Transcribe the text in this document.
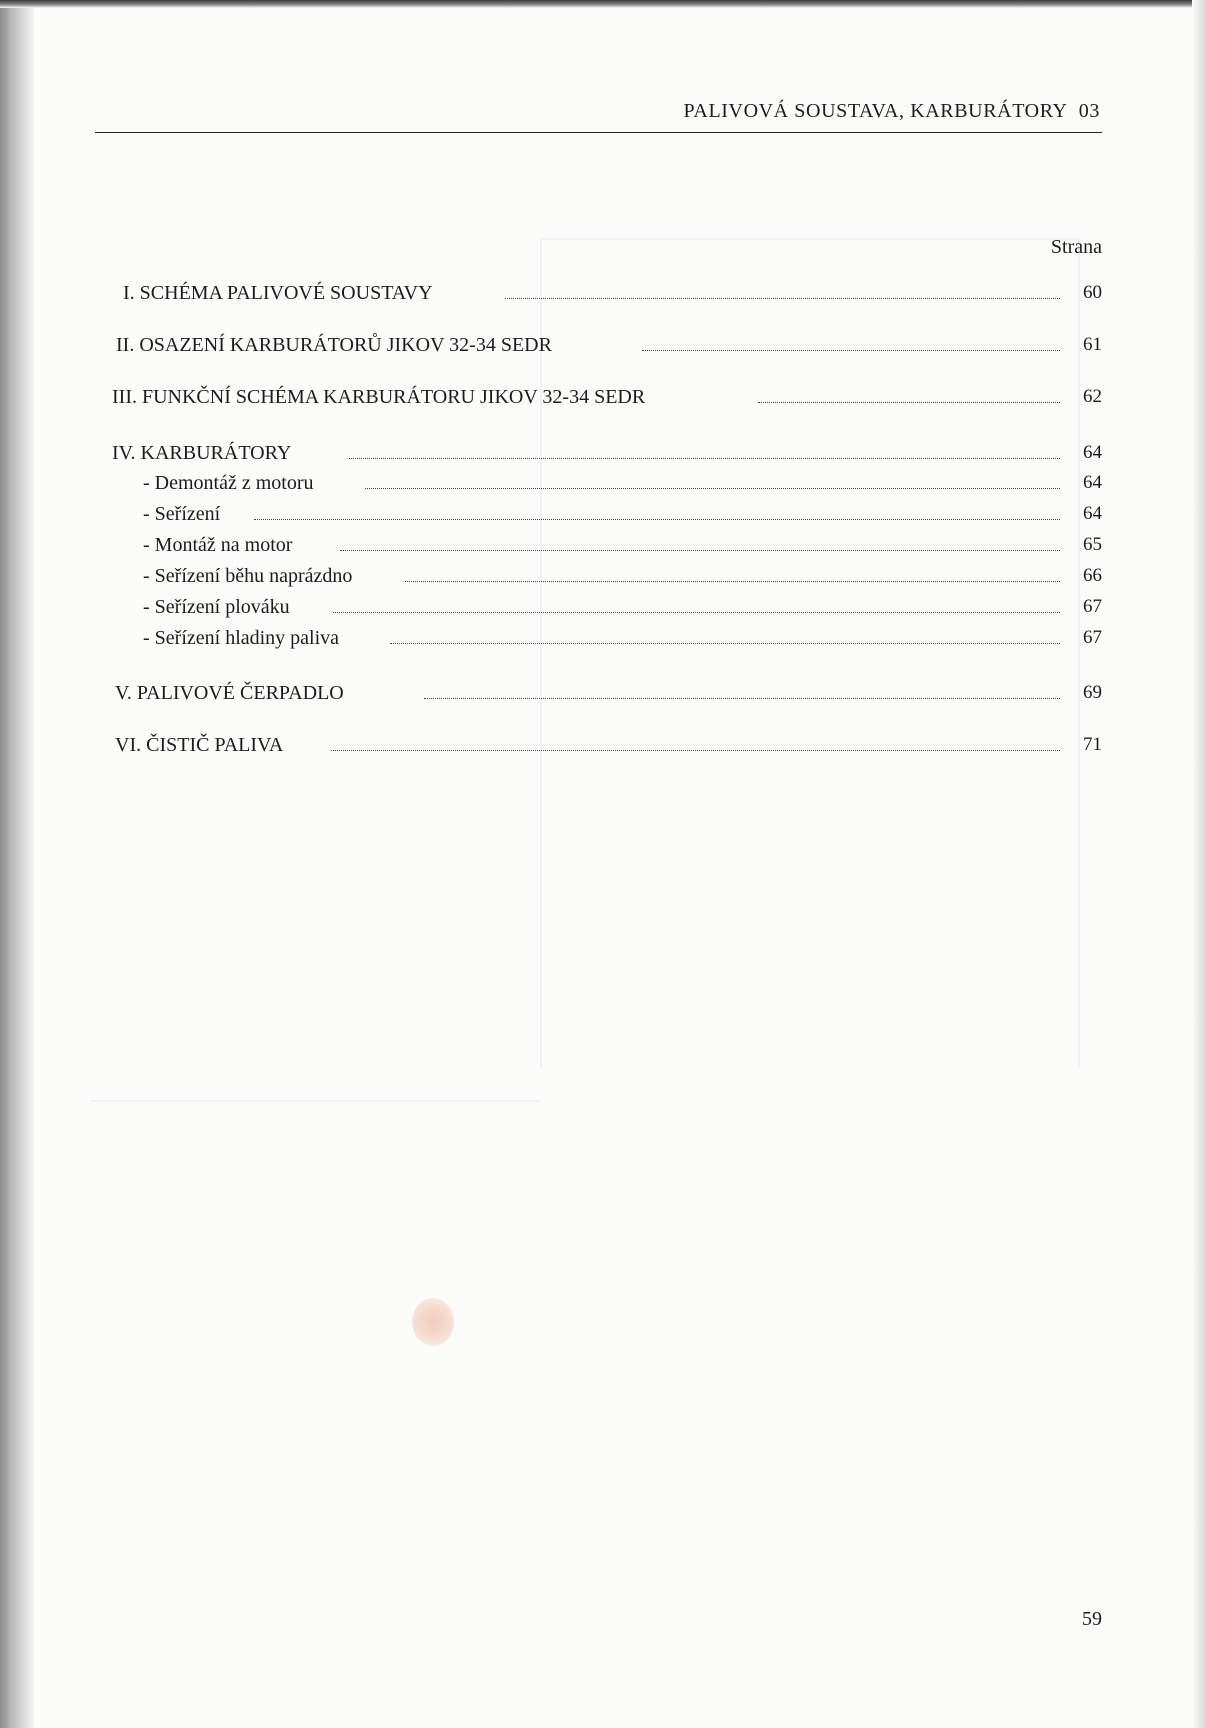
PALIVOVÁ SOUSTAVA, KARBURÁTORY 03
Strana
I. SCHÉMA PALIVOVÉ SOUSTAVY	60
II. OSAZENÍ KARBURÁTORŮ JIKOV 32-34 SEDR	61
III. FUNKČNÍ SCHÉMA KARBURÁTORU JIKOV 32-34 SEDR	62
IV. KARBURÁTORY	64
- Demontáž z motoru	64
- Seřízení	64
- Montáž na motor	65
- Seřízení běhu naprázdno	66
- Seřízení plováku	67
- Seřízení hladiny paliva	67
V. PALIVOVÉ ČERPADLO	69
VI. ČISTIČ PALIVA	71
59
